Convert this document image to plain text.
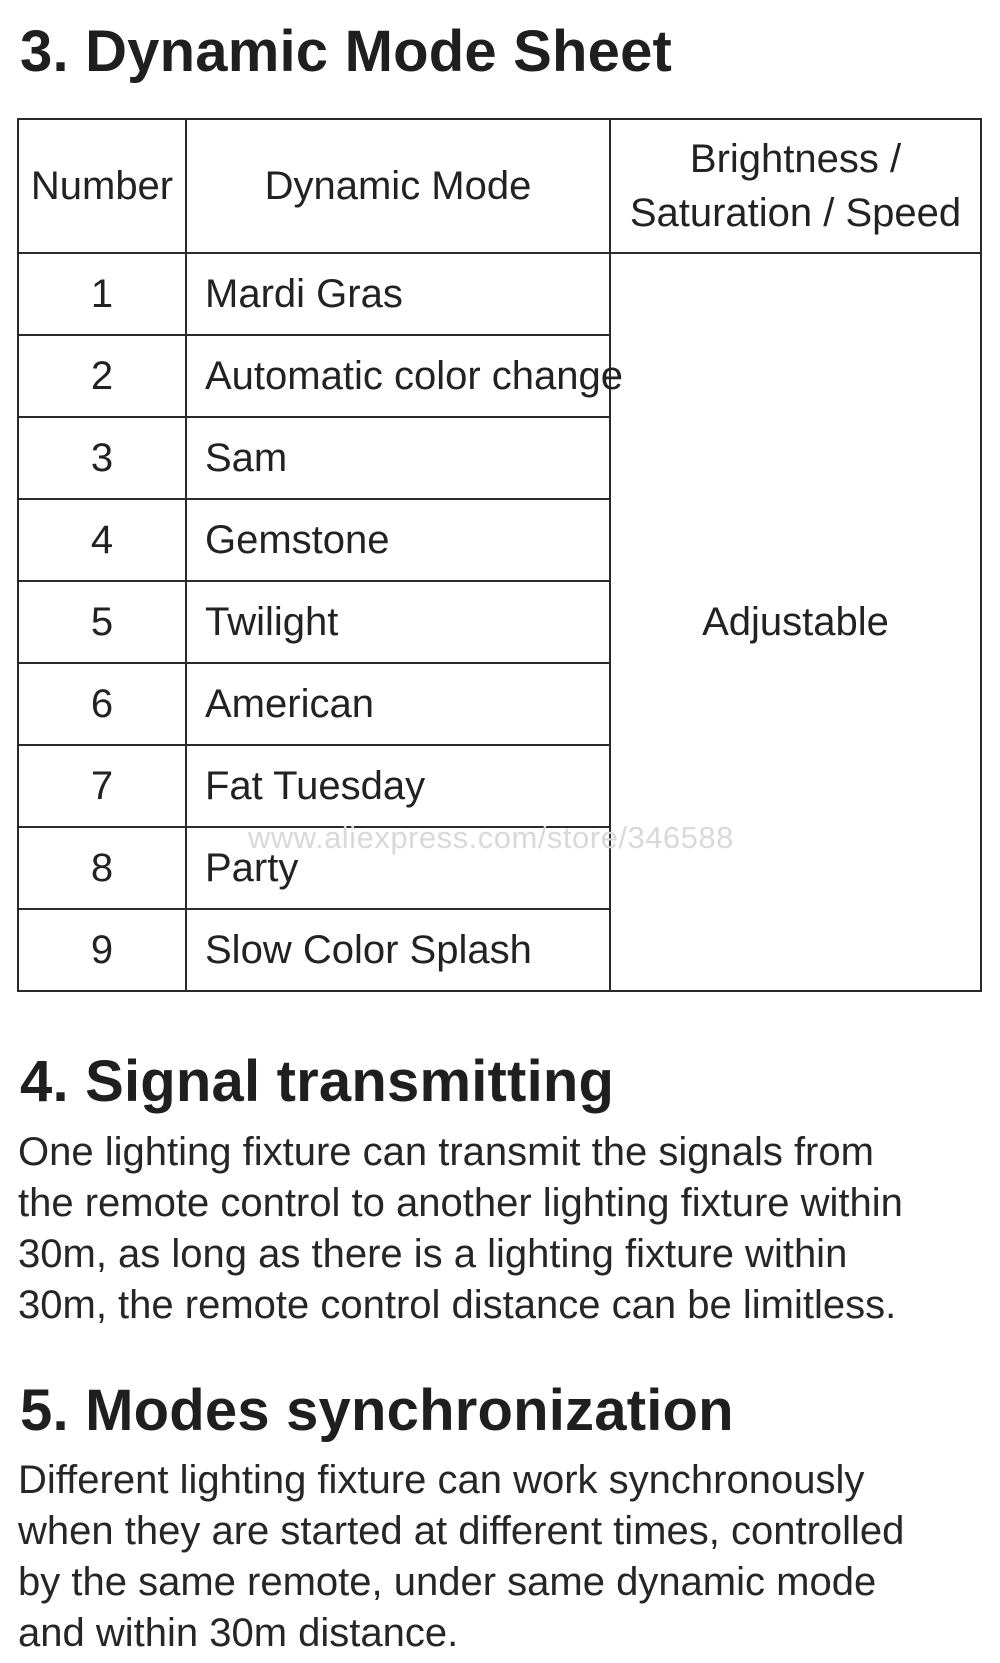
3. Dynamic Mode Sheet
Number	Dynamic Mode	Brightness /
Saturation / Speed
1	Mardi Gras	Adjustable
2	Automatic color change	
3	Sam	
4	Gemstone	
5	Twilight	
6	American	
7	Fat Tuesday	
8	Party	
9	Slow Color Splash	
www.aliexpress.com/store/346588
4. Signal transmitting

One lighting fixture can transmit the signals from
the remote control to another lighting fixture within
30m, as long as there is a lighting fixture within
30m, the remote control distance can be limitless.

5. Modes synchronization

Different lighting fixture can work synchronously
when they are started at different times, controlled
by the same remote, under same dynamic mode
and within 30m distance.
